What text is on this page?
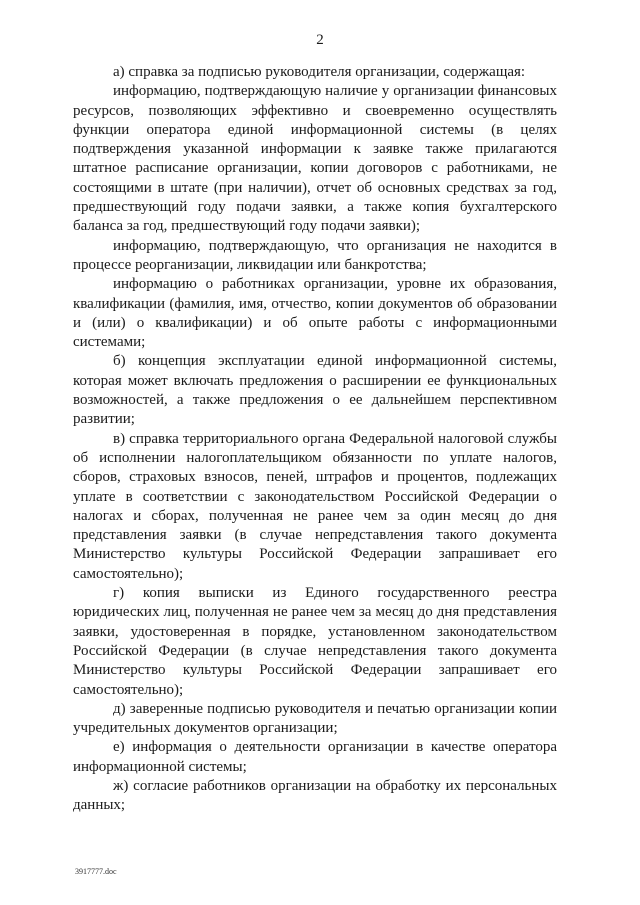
2

а) справка за подписью руководителя организации, содержащая:

информацию, подтверждающую наличие у организации финансовых ресурсов, позволяющих эффективно и своевременно осуществлять функции оператора единой информационной системы (в целях подтверждения указанной информации к заявке также прилагаются штатное расписание организации, копии договоров с работниками, не состоящими в штате (при наличии), отчет об основных средствах за год, предшествующий году подачи заявки, а также копия бухгалтерского баланса за год, предшествующий году подачи заявки);

информацию, подтверждающую, что организация не находится в процессе реорганизации, ликвидации или банкротства;

информацию о работниках организации, уровне их образования, квалификации (фамилия, имя, отчество, копии документов об образовании и (или) о квалификации) и об опыте работы с информационными системами;

б) концепция эксплуатации единой информационной системы, которая может включать предложения о расширении ее функциональных возможностей, а также предложения о ее дальнейшем перспективном развитии;

в) справка территориального органа Федеральной налоговой службы об исполнении налогоплательщиком обязанности по уплате налогов, сборов, страховых взносов, пеней, штрафов и процентов, подлежащих уплате в соответствии с законодательством Российской Федерации о налогах и сборах, полученная не ранее чем за один месяц до дня представления заявки (в случае непредставления такого документа Министерство культуры Российской Федерации запрашивает его самостоятельно);

г) копия выписки из Единого государственного реестра юридических лиц, полученная не ранее чем за месяц до дня представления заявки, удостоверенная в порядке, установленном законодательством Российской Федерации (в случае непредставления такого документа Министерство культуры Российской Федерации запрашивает его самостоятельно);

д) заверенные подписью руководителя и печатью организации копии учредительных документов организации;

е) информация о деятельности организации в качестве оператора информационной системы;

ж) согласие работников организации на обработку их персональных данных;

3917777.doc
